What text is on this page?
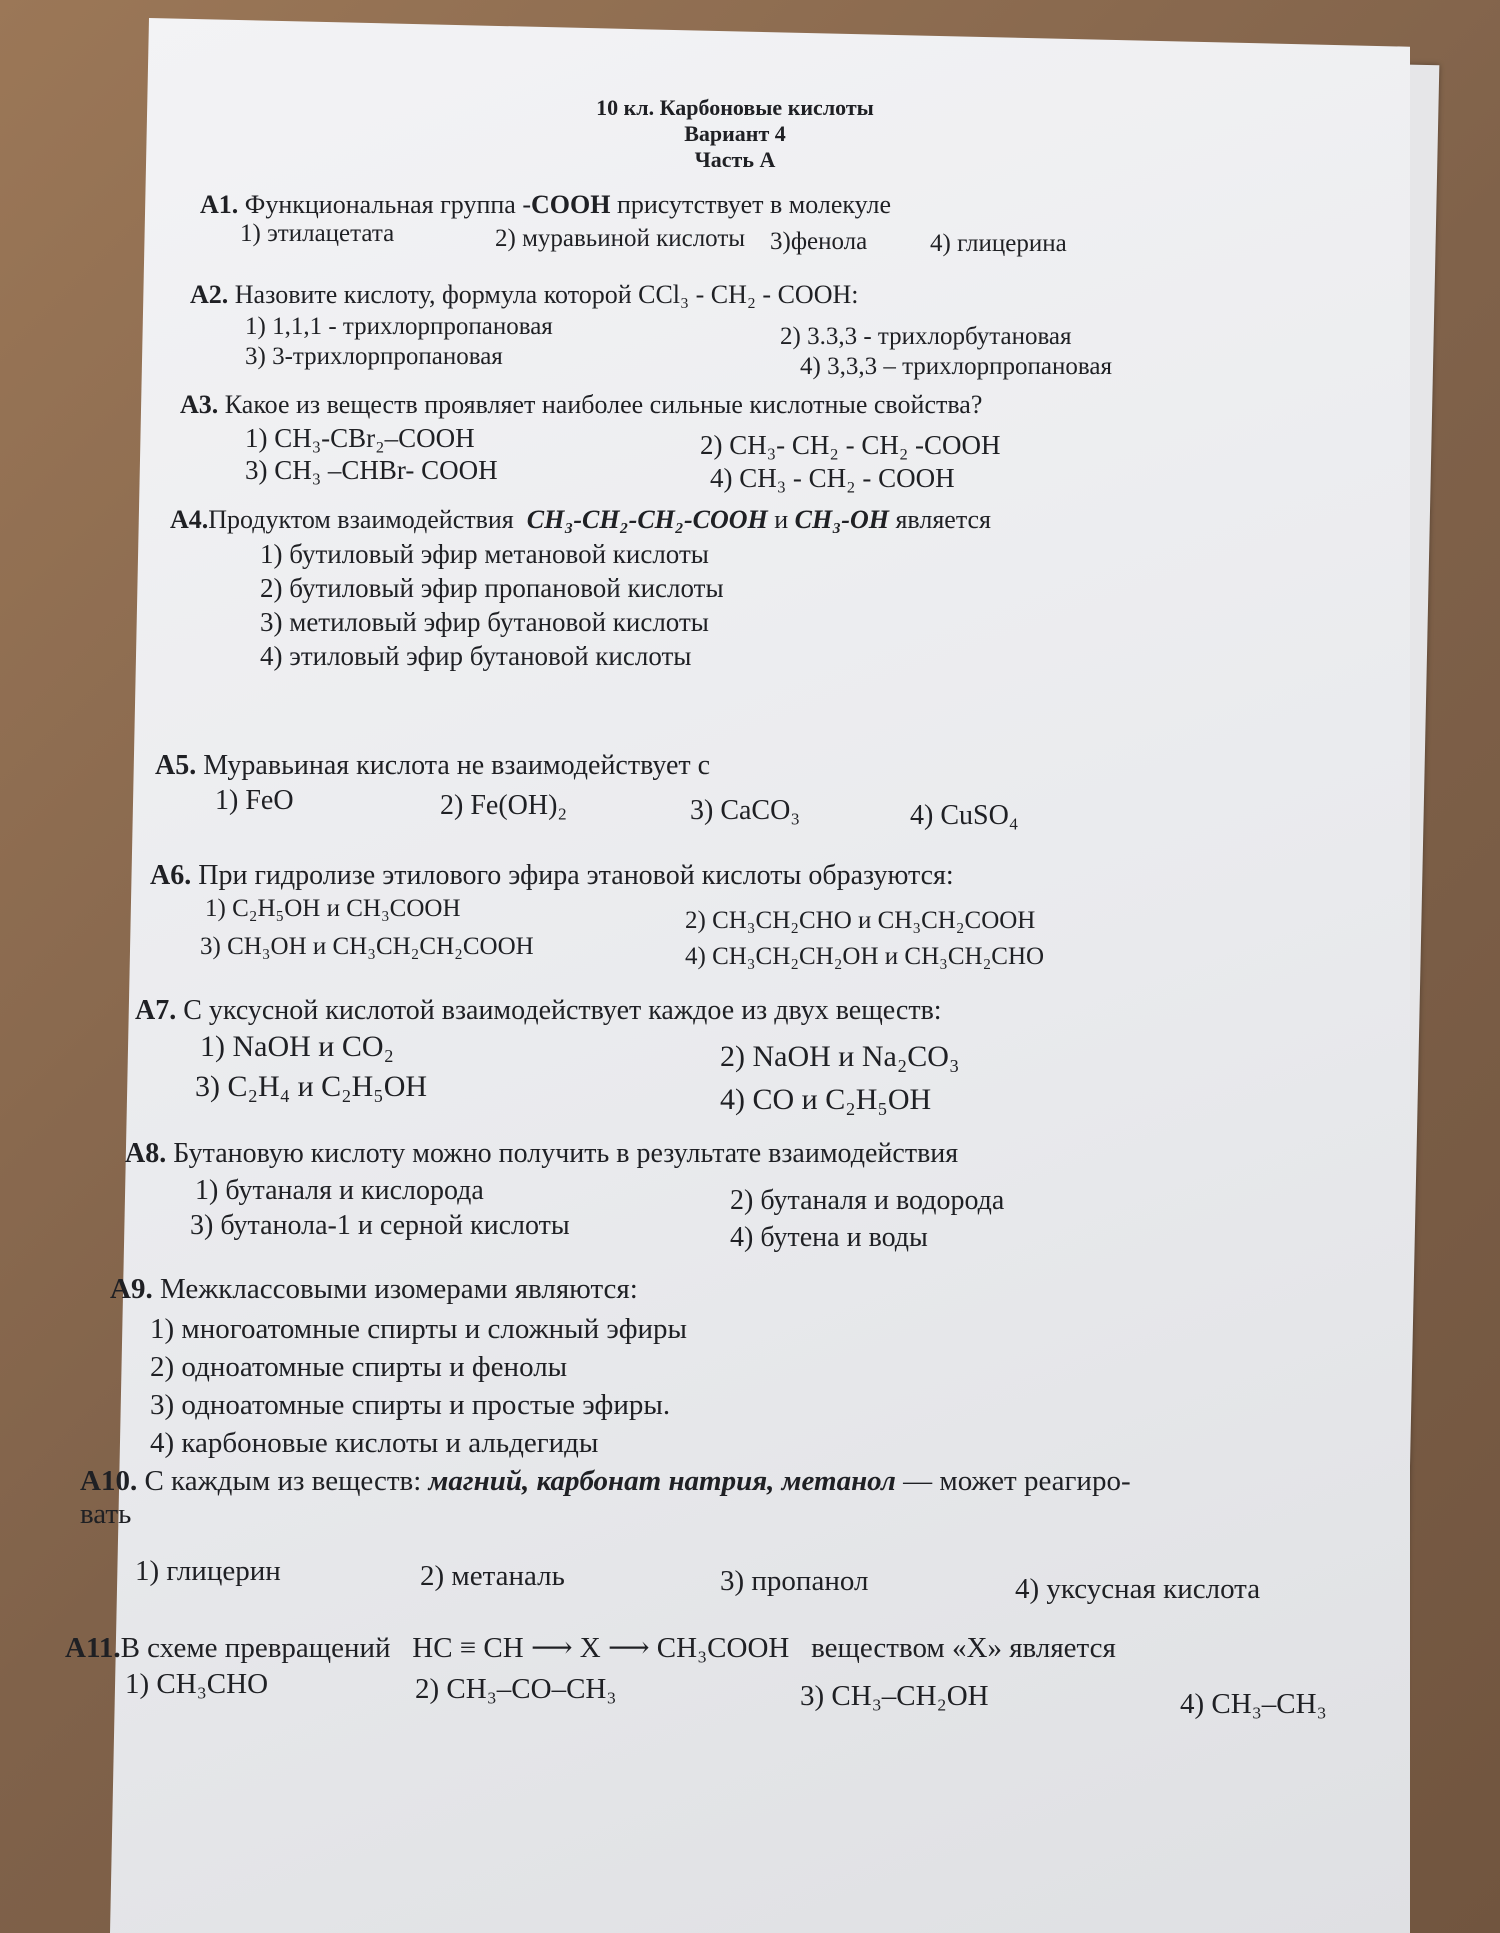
10 кл. Карбоновые кислоты
Вариант 4
Часть А
А1. Функциональная группа -СООН присутствует в молекуле
1) этилацетата	2) муравьиной кислоты 3)фенола	4) глицерина
А2. Назовите кислоту, формула которой CCl₃ - CH₂ - COOH:
1) 1,1,1 - трихлорпропановая	2) 3.3,3 - трихлорбутановая
3) 3-трихлорпропановая	4) 3,3,3 – трихлорпропановая
А3. Какое из веществ проявляет наиболее сильные кислотные свойства?
1) CH₃-CBr₂–COOH	2) CH₃- CH₂ - CH₂ -COOH
3) CH₃ –CHBr- COOH	4) CH₃ - CH₂ - COOH
А4.Продуктом взаимодействия CH₃-CH₂-CH₂-COOH и CH₃-OH является
1) бутиловый эфир метановой кислоты
2) бутиловый эфир пропановой кислоты
3) метиловый эфир бутановой кислоты
4) этиловый эфир бутановой кислоты
А5. Муравьиная кислота не взаимодействует с
1) FeO	2) Fe(OH)₂	3) CaCO₃	4) CuSO₄
А6. При гидролизе этилового эфира этановой кислоты образуются:
1) C₂H₅OH и CH₃COOH	2) CH₃CH₂CHO и CH₃CH₂COOH
3) CH₃OH и CH₃CH₂CH₂COOH	4) CH₃CH₂CH₂OH и CH₃CH₂CHO
А7. С уксусной кислотой взаимодействует каждое из двух веществ:
1) NaOH и CO₂	2) NaOH и Na₂CO₃
3) C₂H₄ и C₂H₅OH	4) CO и C₂H₅OH
А8. Бутановую кислоту можно получить в результате взаимодействия
1) бутаналя и кислорода	2) бутаналя и водорода
3) бутанола-1 и серной кислоты	4) бутена и воды
А9. Межклассовыми изомерами являются:
1) многоатомные спирты и сложный эфиры
2) одноатомные спирты и фенолы
3) одноатомные спирты и простые эфиры.
4) карбоновые кислоты и альдегиды
А10. С каждым из веществ: магний, карбонат натрия, метанол — может реагиро-
вать
1) глицерин	2) метаналь	3) пропанол	4) уксусная кислота
А11.В схеме превращений HC ≡ CH ⟶ X ⟶ CH₃COOH веществом «Х» является
1) CH₃CHO	2) CH₃–CO–CH₃	3) CH₃–CH₂OH	4) CH₃–CH₃
